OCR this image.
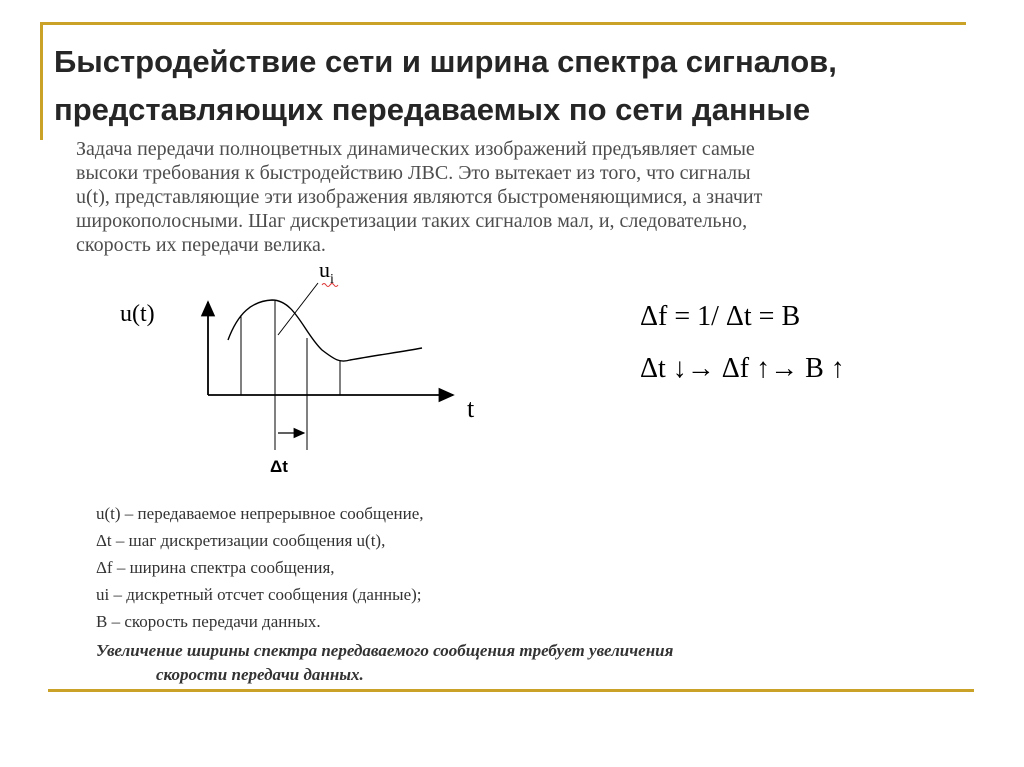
Быстродействие сети и ширина спектра сигналов,
представляющих передаваемых по сети данные

Задача передачи полноцветных динамических изображений предъявляет самые
высоки требования к быстродействию ЛВС. Это вытекает из того, что сигналы
u(t), представляющие эти изображения являются быстроменяющимися, а значит
широкополосными. Шаг дискретизации таких сигналов мал, и, следовательно,
скорость их передачи велика.

u(t)
t
$u_i$
Δt
Δf = 1/ Δt = B
Δt ↓→ Δf ↑→ B ↑
u(t) – передаваемое непрерывное сообщение,
Δt – шаг дискретизации сообщения u(t),
Δf – ширина спектра сообщения,
ui – дискретный отсчет сообщения (данные);
B – скорость передачи данных.

Увеличение ширины спектра передаваемого сообщения требует увеличения
скорости передачи данных.
